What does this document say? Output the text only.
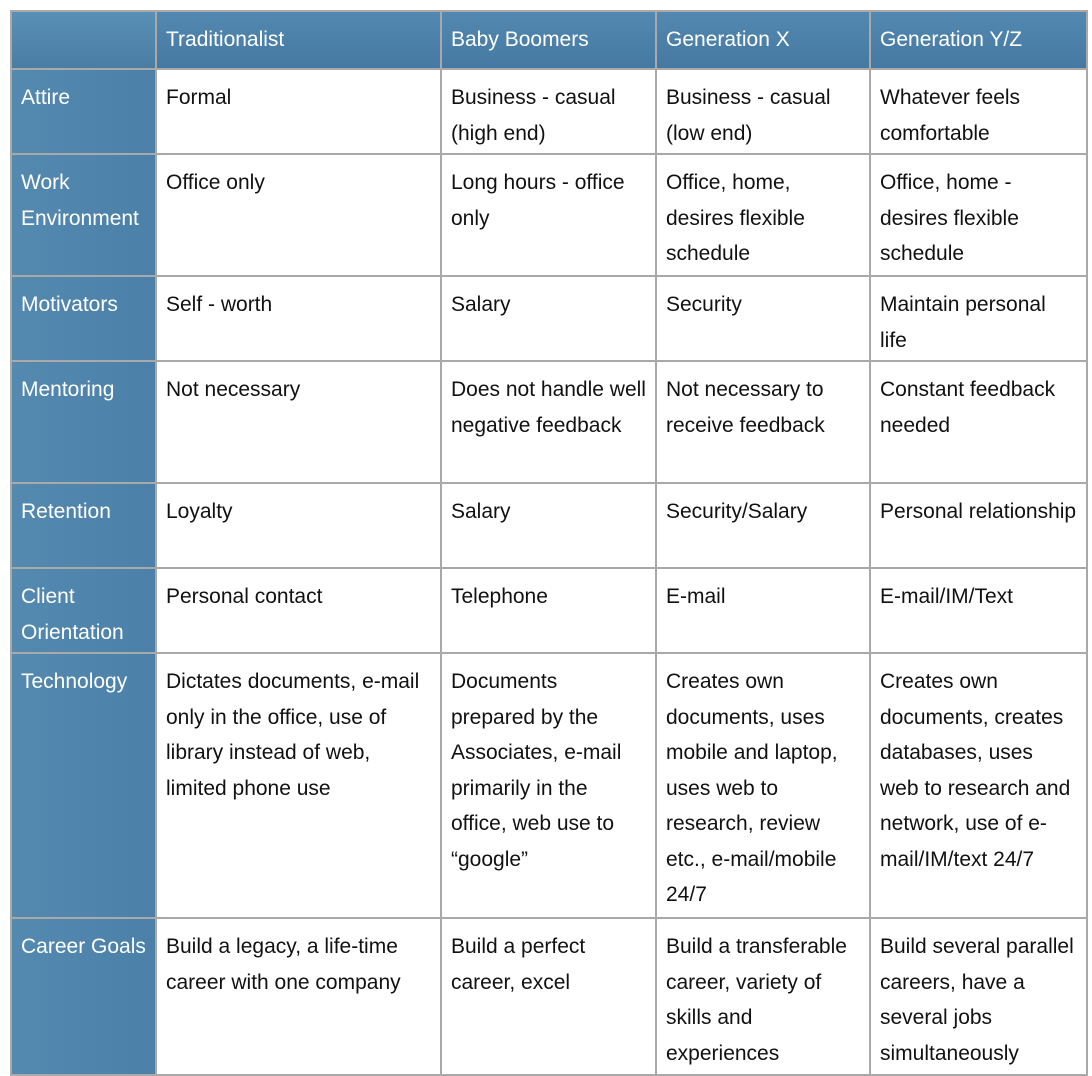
	Traditionalist	Baby Boomers	Generation X	Generation Y/Z
Attire	Formal	Business - casual (high end)	Business - casual (low end)	Whatever feels comfortable
Work Environment	Office only	Long hours - office only	Office, home, desires flexible schedule	Office, home - desires flexible schedule
Motivators	Self - worth	Salary	Security	Maintain personal life
Mentoring	Not necessary	Does not handle well negative feedback	Not necessary to receive feedback	Constant feedback needed
Retention	Loyalty	Salary	Security/Salary	Personal relationship
Client Orientation	Personal contact	Telephone	E-mail	E-mail/IM/Text
Technology	Dictates documents, e-mail only in the office, use of library instead of web, limited phone use	Documents prepared by the Associates, e-mail primarily in the office, web use to “google”	Creates own documents, uses mobile and laptop, uses web to research, review etc., e-mail/mobile 24/7	Creates own documents, creates databases, uses web to research and network, use of e-mail/IM/text 24/7
Career Goals	Build a legacy, a life-time career with one company	Build a perfect career, excel	Build a transferable career, variety of skills and experiences	Build several parallel careers, have a several jobs simultaneously
